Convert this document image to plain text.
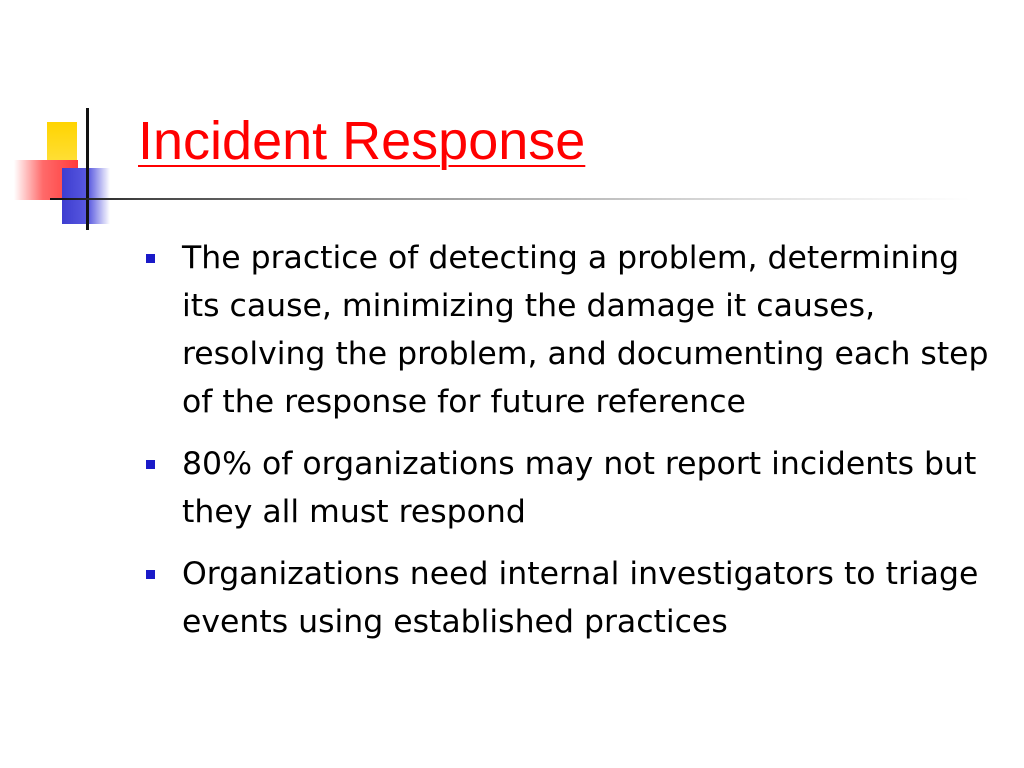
Incident Response
The practice of detecting a problem, determining its cause, minimizing the damage it causes, resolving the problem, and documenting each step of the response for future reference
80% of organizations may not report incidents but they all must respond
Organizations need internal investigators to triage events using established practices
